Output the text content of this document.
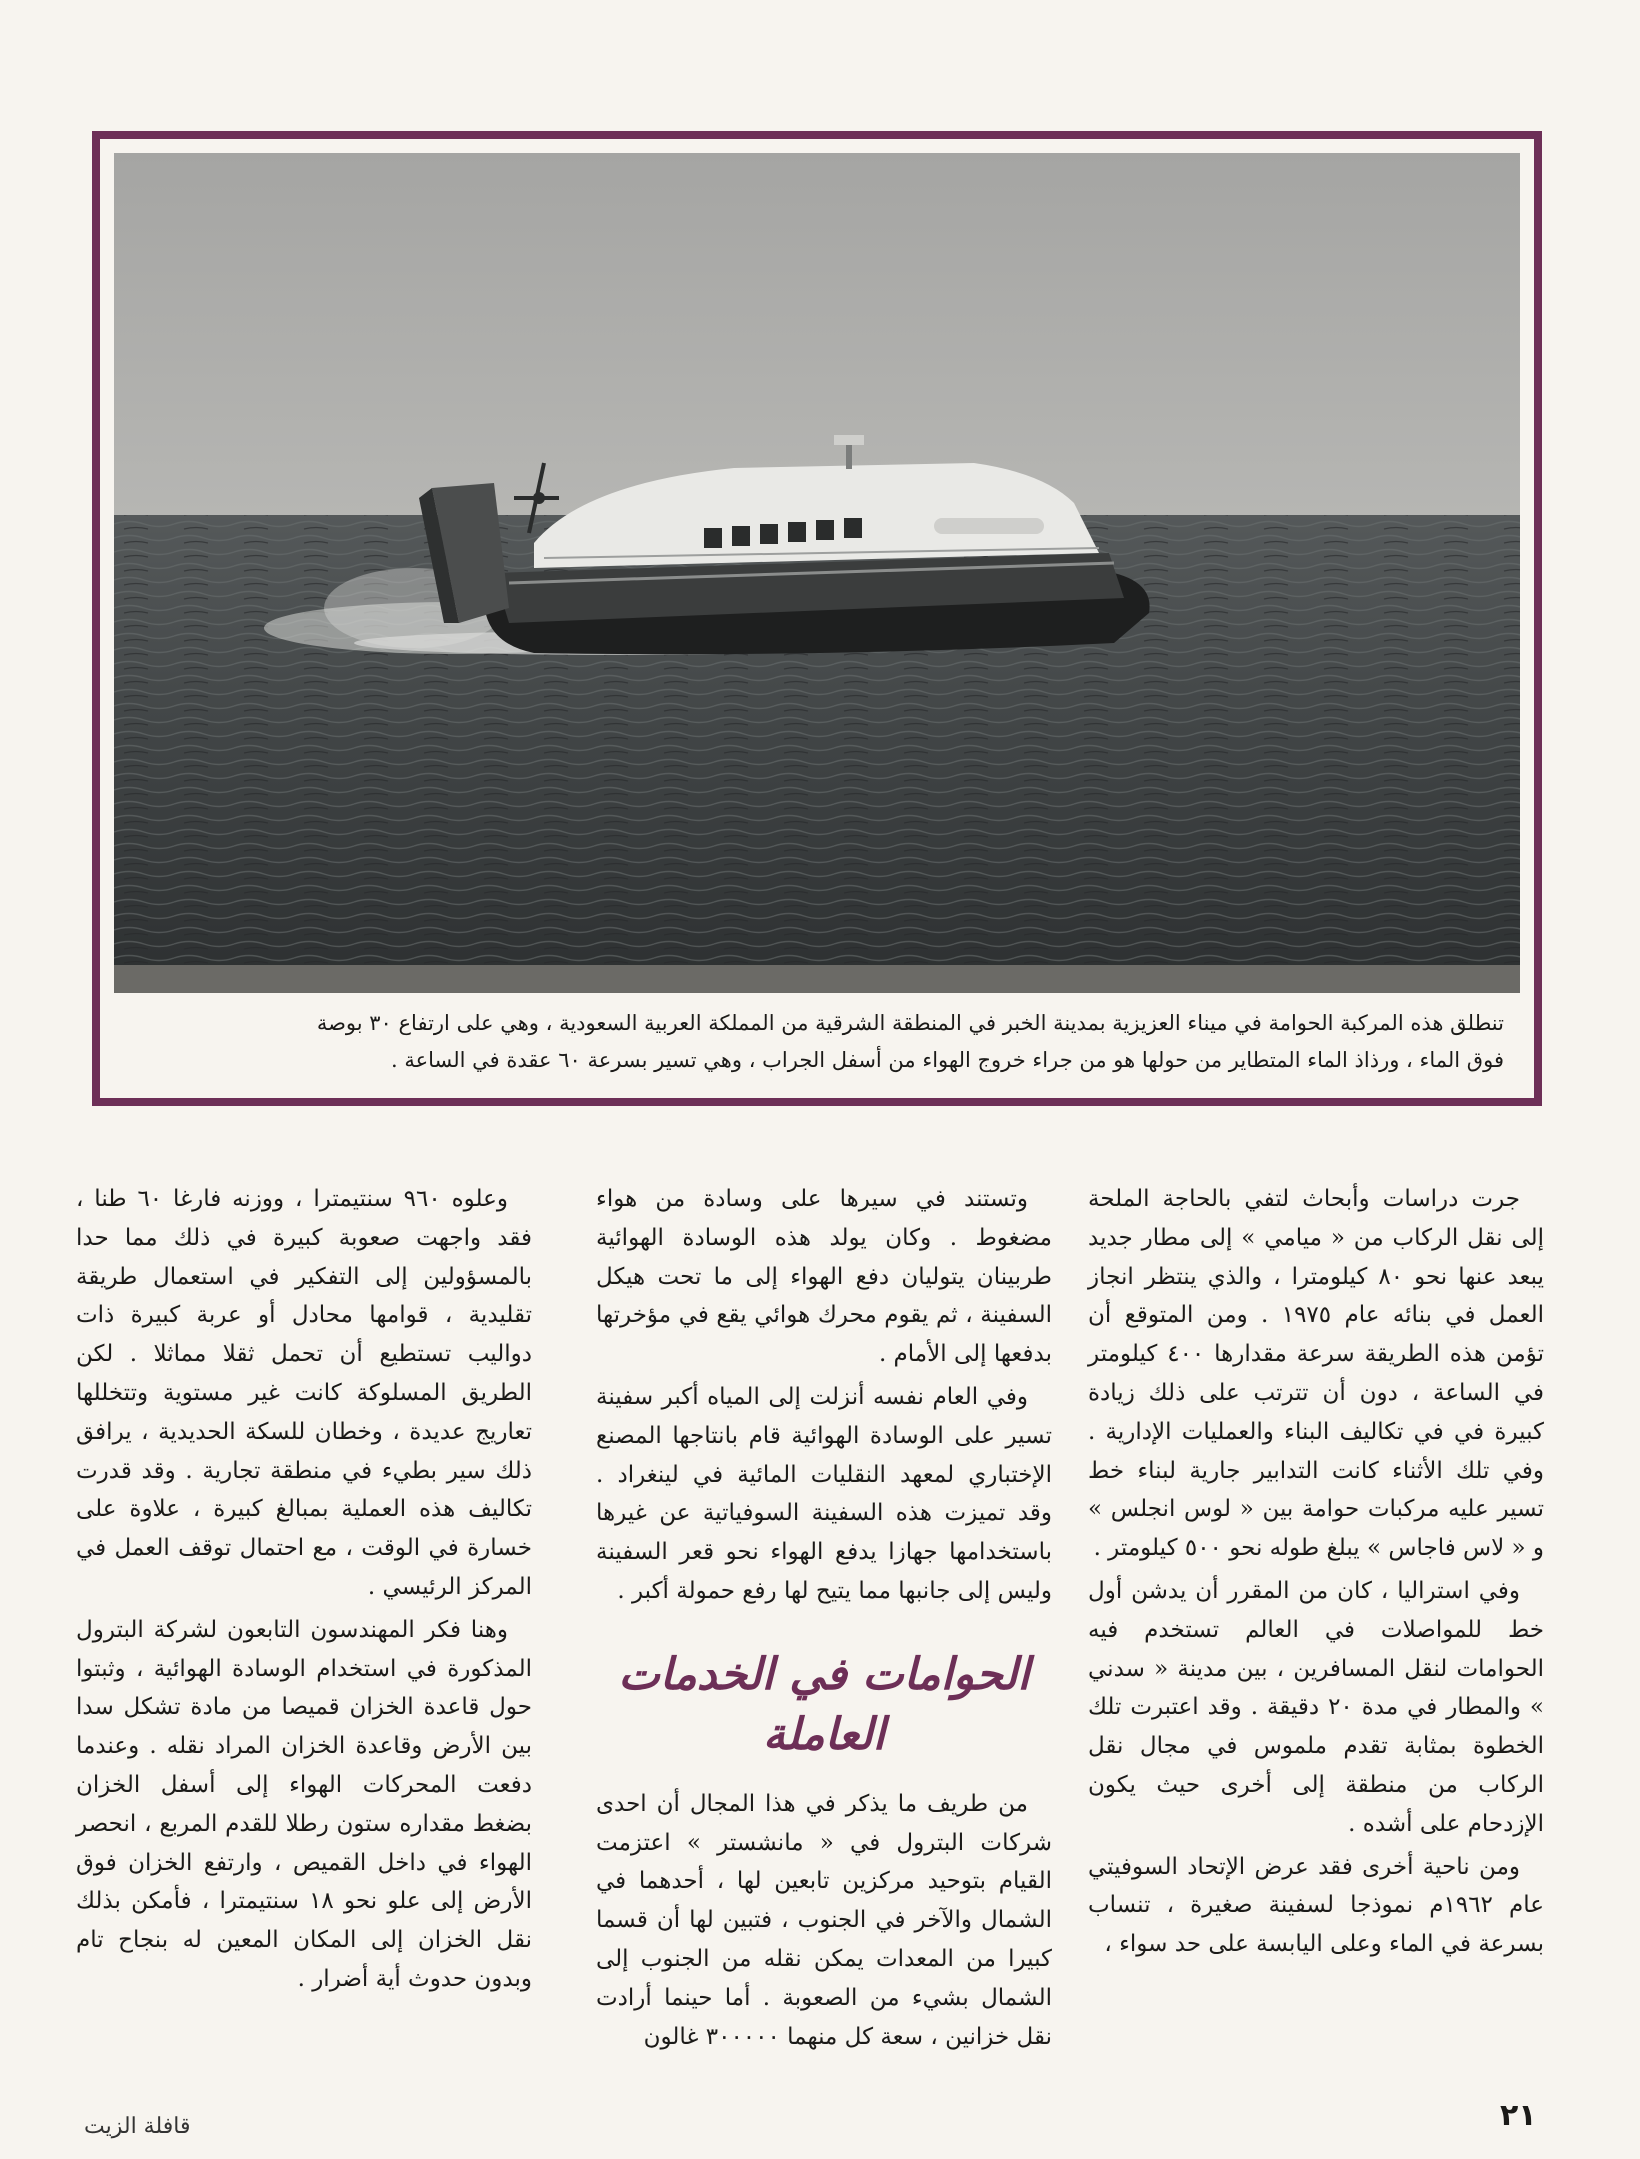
تنطلق هذه المركبة الحوامة في ميناء العزيزية بمدينة الخبر في المنطقة الشرقية من المملكة العربية السعودية ، وهي على ارتفاع ٣٠ بوصة
فوق الماء ، ورذاذ الماء المتطاير من حولها هو من جراء خروج الهواء من أسفل الجراب ، وهي تسير بسرعة ٦٠ عقدة في الساعة .

جرت دراسات وأبحاث لتفي بالحاجة الملحة إلى نقل الركاب من « ميامي » إلى مطار جديد يبعد عنها نحو ٨٠ كيلومترا ، والذي ينتظر انجاز العمل في بنائه عام ١٩٧٥ . ومن المتوقع أن تؤمن هذه الطريقة سرعة مقدارها ٤٠٠ كيلومتر في الساعة ، دون أن تترتب على ذلك زيادة كبيرة في في تكاليف البناء والعمليات الإدارية . وفي تلك الأثناء كانت التدابير جارية لبناء خط تسير عليه مركبات حوامة بين « لوس انجلس » و « لاس فاجاس » يبلغ طوله نحو ٥٠٠ كيلومتر .

وفي استراليا ، كان من المقرر أن يدشن أول خط للمواصلات في العالم تستخدم فيه الحوامات لنقل المسافرين ، بين مدينة « سدني » والمطار في مدة ٢٠ دقيقة . وقد اعتبرت تلك الخطوة بمثابة تقدم ملموس في مجال نقل الركاب من منطقة إلى أخرى حيث يكون الإزدحام على أشده .

ومن ناحية أخرى فقد عرض الإتحاد السوفيتي عام ١٩٦٢م نموذجا لسفينة صغيرة ، تنساب بسرعة في الماء وعلى اليابسة على حد سواء ،

وتستند في سيرها على وسادة من هواء مضغوط . وكان يولد هذه الوسادة الهوائية طربينان يتوليان دفع الهواء إلى ما تحت هيكل السفينة ، ثم يقوم محرك هوائي يقع في مؤخرتها بدفعها إلى الأمام .

وفي العام نفسه أنزلت إلى المياه أكبر سفينة تسير على الوسادة الهوائية قام بانتاجها المصنع الإختباري لمعهد النقليات المائية في لينغراد . وقد تميزت هذه السفينة السوفياتية عن غيرها باستخدامها جهازا يدفع الهواء نحو قعر السفينة وليس إلى جانبها مما يتيح لها رفع حمولة أكبر .

الحوامات في الخدمات العاملة

من طريف ما يذكر في هذا المجال أن احدى شركات البترول في « مانشستر » اعتزمت القيام بتوحيد مركزين تابعين لها ، أحدهما في الشمال والآخر في الجنوب ، فتبين لها أن قسما كبيرا من المعدات يمكن نقله من الجنوب إلى الشمال بشيء من الصعوبة . أما حينما أرادت نقل خزانين ، سعة كل منهما ٣٠٠٠٠٠ غالون

وعلوه ٩٦٠ سنتيمترا ، ووزنه فارغا ٦٠ طنا ، فقد واجهت صعوبة كبيرة في ذلك مما حدا بالمسؤولين إلى التفكير في استعمال طريقة تقليدية ، قوامها محادل أو عربة كبيرة ذات دواليب تستطيع أن تحمل ثقلا مماثلا . لكن الطريق المسلوكة كانت غير مستوية وتتخللها تعاريج عديدة ، وخطان للسكة الحديدية ، يرافق ذلك سير بطيء في منطقة تجارية . وقد قدرت تكاليف هذه العملية بمبالغ كبيرة ، علاوة على خسارة في الوقت ، مع احتمال توقف العمل في المركز الرئيسي .

وهنا فكر المهندسون التابعون لشركة البترول المذكورة في استخدام الوسادة الهوائية ، وثبتوا حول قاعدة الخزان قميصا من مادة تشكل سدا بين الأرض وقاعدة الخزان المراد نقله . وعندما دفعت المحركات الهواء إلى أسفل الخزان بضغط مقداره ستون رطلا للقدم المربع ، انحصر الهواء في داخل القميص ، وارتفع الخزان فوق الأرض إلى علو نحو ١٨ سنتيمترا ، فأمكن بذلك نقل الخزان إلى المكان المعين له بنجاح تام وبدون حدوث أية أضرار .

٢١
قافلة الزيت
